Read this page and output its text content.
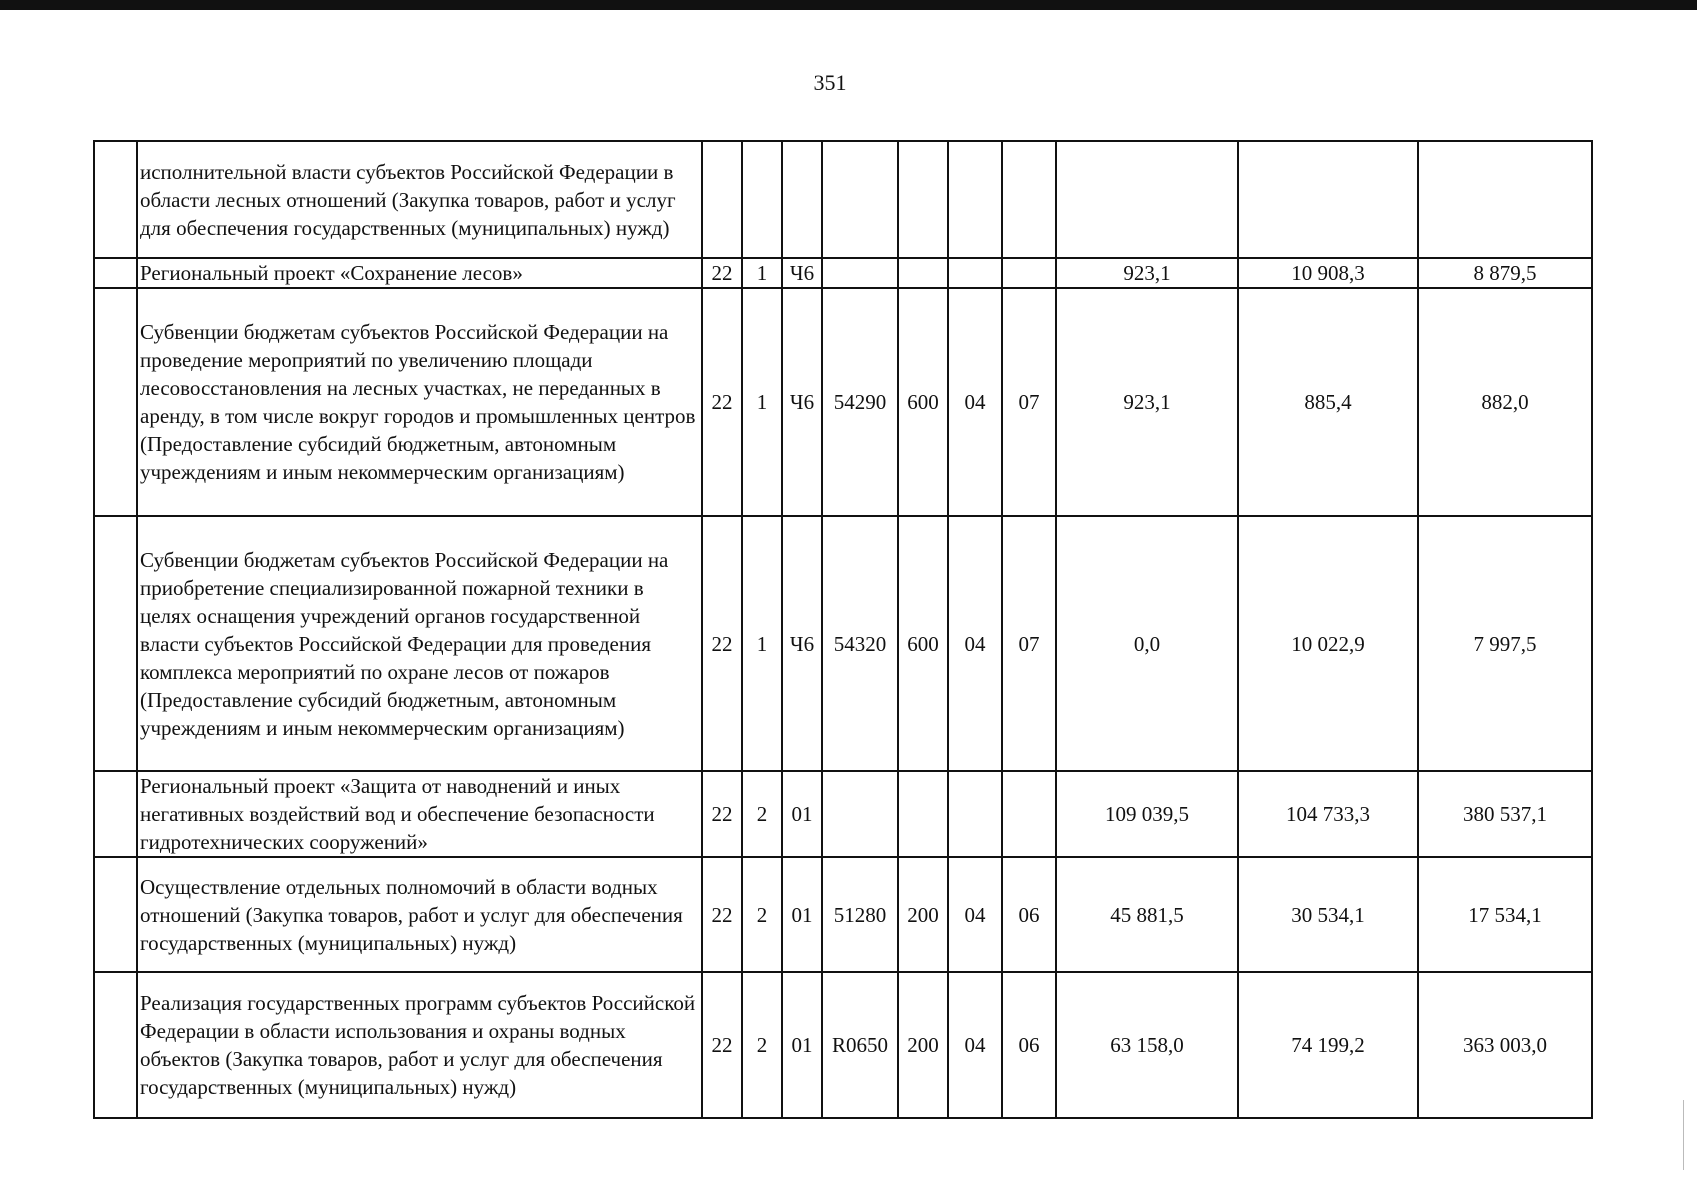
351
	исполнительной власти субъектов Российской Федерации в области лесных отношений (Закупка товаров, работ и услуг для обеспечения государственных (муниципальных) нужд)										
	Региональный проект «Сохранение лесов»	22	1	Ч6					923,1	10 908,3	8 879,5
	Субвенции бюджетам субъектов Российской Федерации на проведение мероприятий по увеличению площади лесовосстановления на лесных участках, не переданных в аренду, в том числе вокруг городов и промышленных центров (Предоставление субсидий бюджетным, автономным учреждениям и иным некоммерческим организациям)	22	1	Ч6	54290	600	04	07	923,1	885,4	882,0
	Субвенции бюджетам субъектов Российской Федерации на приобретение специализированной пожарной техники в целях оснащения учреждений органов государственной власти субъектов Российской Федерации для проведения комплекса мероприятий по охране лесов от пожаров (Предоставление субсидий бюджетным, автономным учреждениям и иным некоммерческим организациям)	22	1	Ч6	54320	600	04	07	0,0	10 022,9	7 997,5
	Региональный проект «Защита от наводнений и иных негативных воздействий вод и обеспечение безопасности гидротехнических сооружений»	22	2	01					109 039,5	104 733,3	380 537,1
	Осуществление отдельных полномочий в области водных отношений (Закупка товаров, работ и услуг для обеспечения государственных (муниципальных) нужд)	22	2	01	51280	200	04	06	45 881,5	30 534,1	17 534,1
	Реализация государственных программ субъектов Российской Федерации в области использования и охраны водных объектов (Закупка товаров, работ и услуг для обеспечения государственных (муниципальных) нужд)	22	2	01	R0650	200	04	06	63 158,0	74 199,2	363 003,0
